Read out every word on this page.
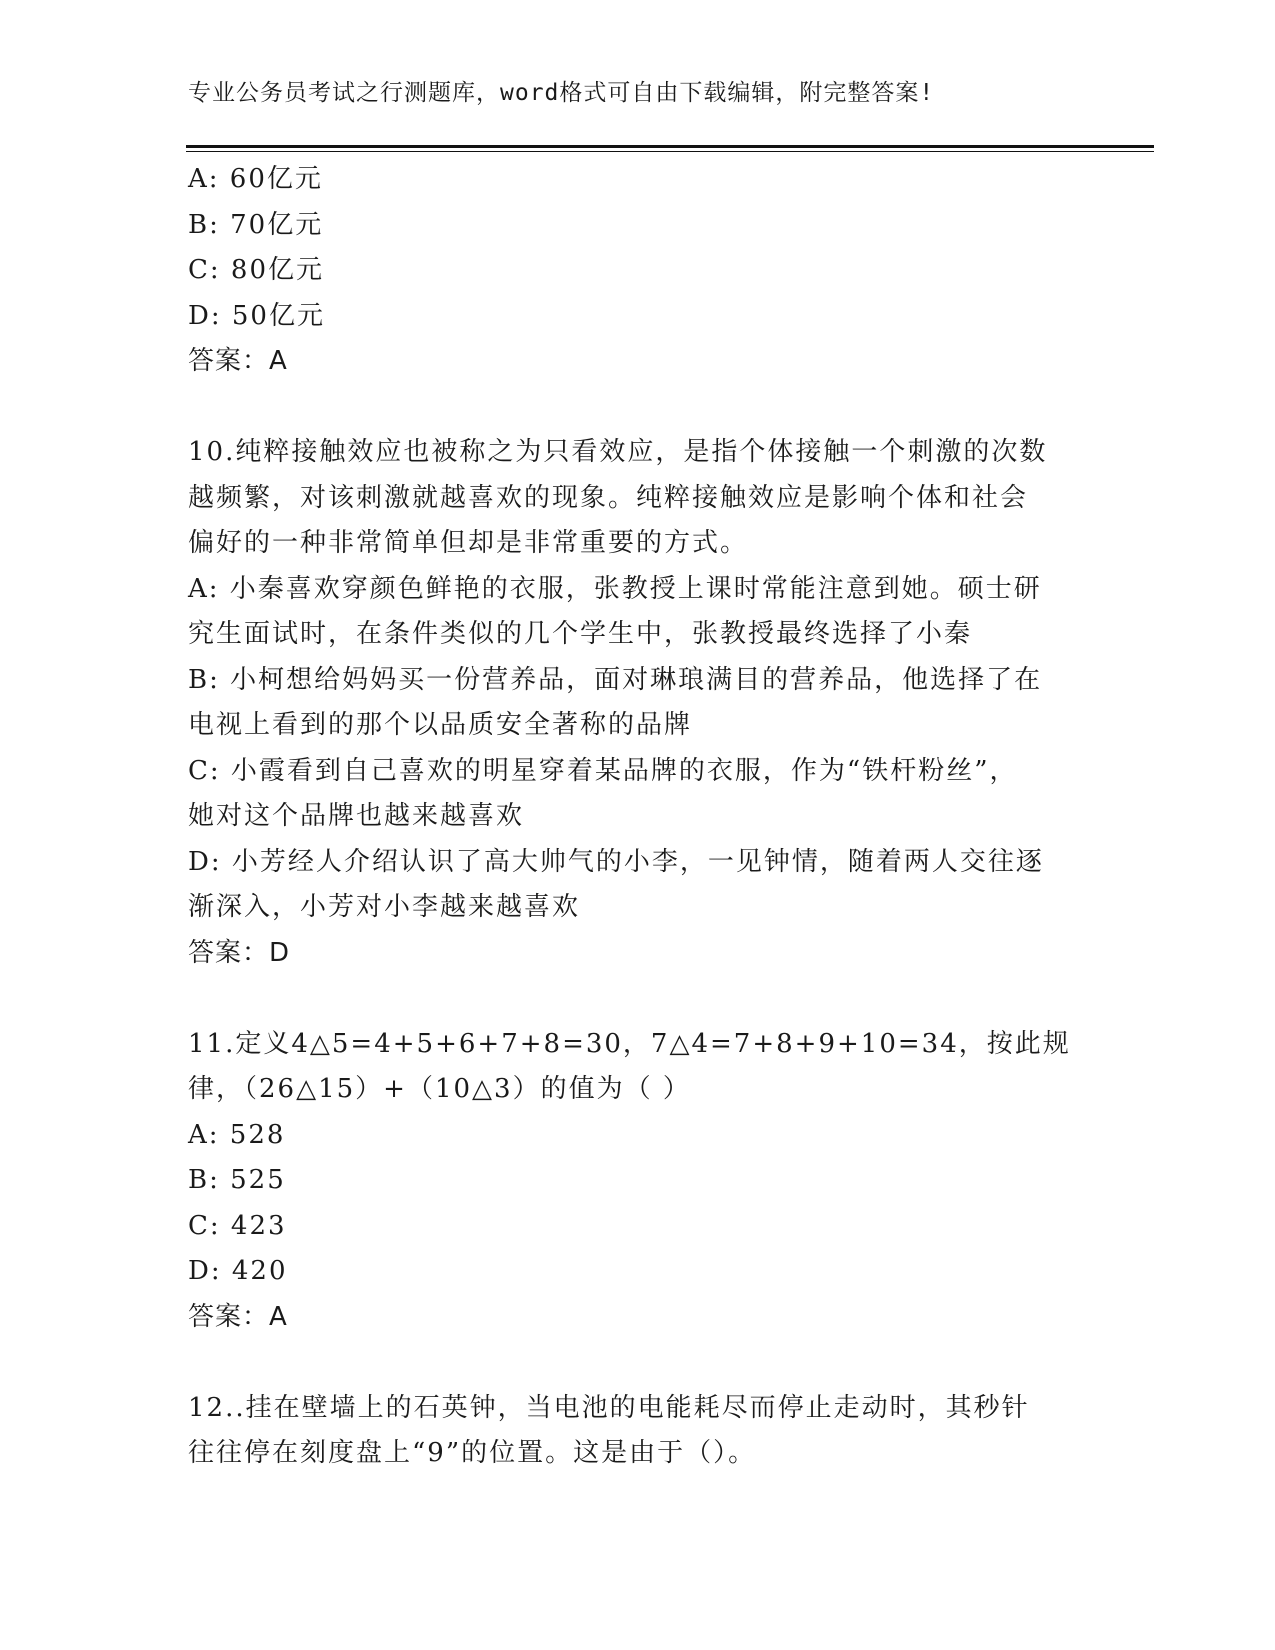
专业公务员考试之行测题库，word格式可自由下载编辑，附完整答案!
A: 60亿元
B: 70亿元
C: 80亿元
D: 50亿元
答案：A
10.纯粹接触效应也被称之为只看效应，是指个体接触一个刺激的次数
越频繁，对该刺激就越喜欢的现象。纯粹接触效应是影响个体和社会
偏好的一种非常简单但却是非常重要的方式。
A: 小秦喜欢穿颜色鲜艳的衣服，张教授上课时常能注意到她。硕士研
究生面试时，在条件类似的几个学生中，张教授最终选择了小秦
B: 小柯想给妈妈买一份营养品，面对琳琅满目的营养品，他选择了在
电视上看到的那个以品质安全著称的品牌
C: 小霞看到自己喜欢的明星穿着某品牌的衣服，作为“铁杆粉丝”，
她对这个品牌也越来越喜欢
D: 小芳经人介绍认识了高大帅气的小李，一见钟情，随着两人交往逐
渐深入，小芳对小李越来越喜欢
答案：D
11.定义4△5=4+5+6+7+8=30，7△4=7+8+9+10=34，按此规
律，（26△15）+（10△3）的值为（ ）
A: 528
B: 525
C: 423
D: 420
答案：A
12..挂在壁墙上的石英钟，当电池的电能耗尽而停止走动时，其秒针
往往停在刻度盘上“9”的位置。这是由于（）。
